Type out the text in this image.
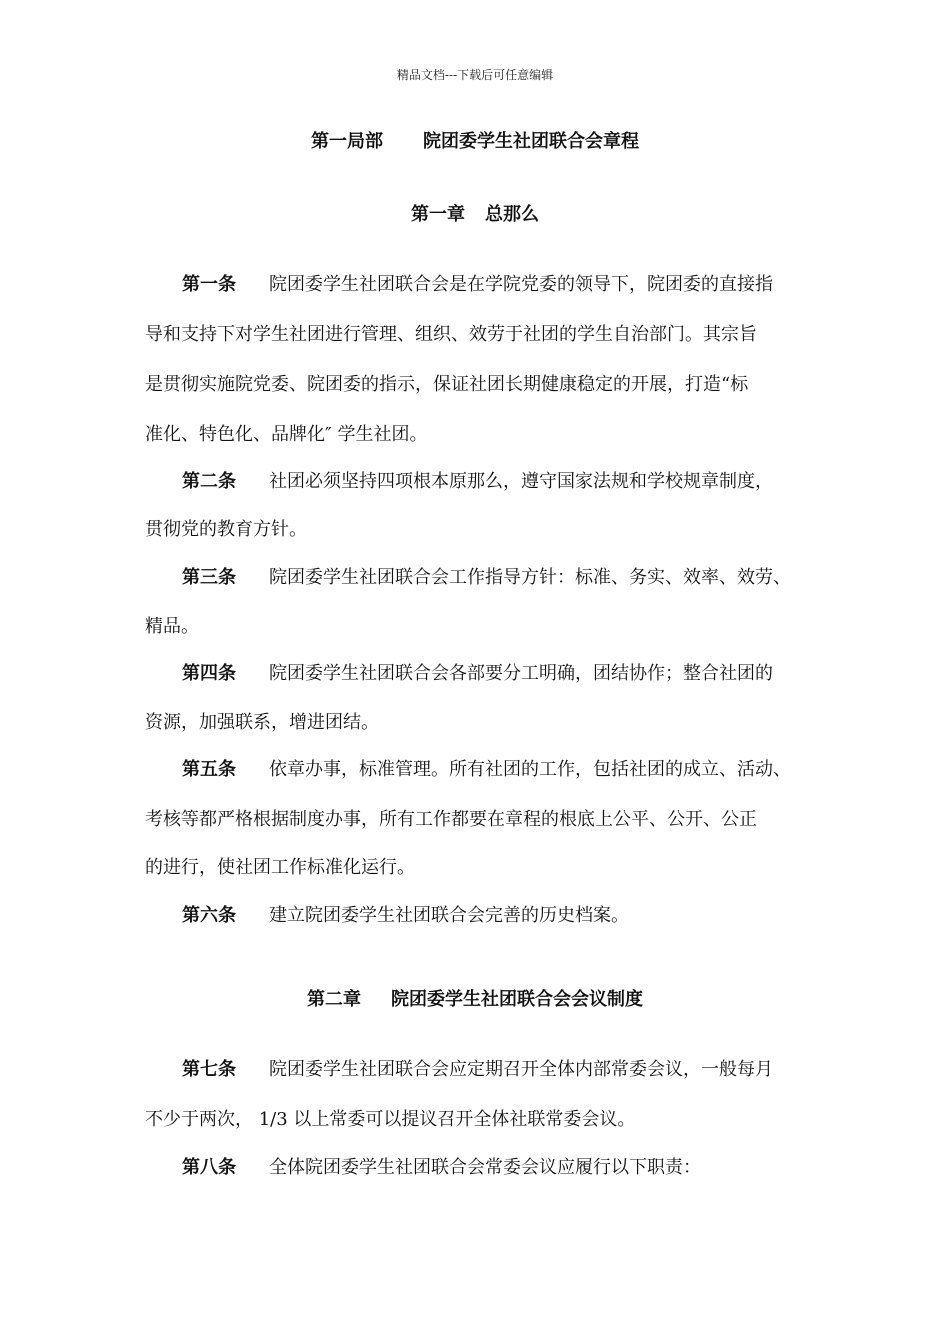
精品文档---下载后可任意编辑
第一局部 院团委学生社团联合会章程
第一章 总那么
第一条 院团委学生社团联合会是在学院党委的领导下，院团委的直接指
导和支持下对学生社团进行管理、组织、效劳于社团的学生自治部门。其宗旨
是贯彻实施院党委、院团委的指示，保证社团长期健康稳定的开展，打造“标
准化、特色化、品牌化″ 学生社团。
第二条 社团必须坚持四项根本原那么，遵守国家法规和学校规章制度，
贯彻党的教育方针。
第三条 院团委学生社团联合会工作指导方针：标准、务实、效率、效劳、
精品。
第四条 院团委学生社团联合会各部要分工明确，团结协作；整合社团的
资源，加强联系，增进团结。
第五条 依章办事，标准管理。所有社团的工作，包括社团的成立、活动、
考核等都严格根据制度办事，所有工作都要在章程的根底上公平、公开、公正
的进行，使社团工作标准化运行。
第六条 建立院团委学生社团联合会完善的历史档案。
第二章 院团委学生社团联合会会议制度
第七条 院团委学生社团联合会应定期召开全体内部常委会议，一般每月
不少于两次， 1/3 以上常委可以提议召开全体社联常委会议。
第八条 全体院团委学生社团联合会常委会议应履行以下职责：
